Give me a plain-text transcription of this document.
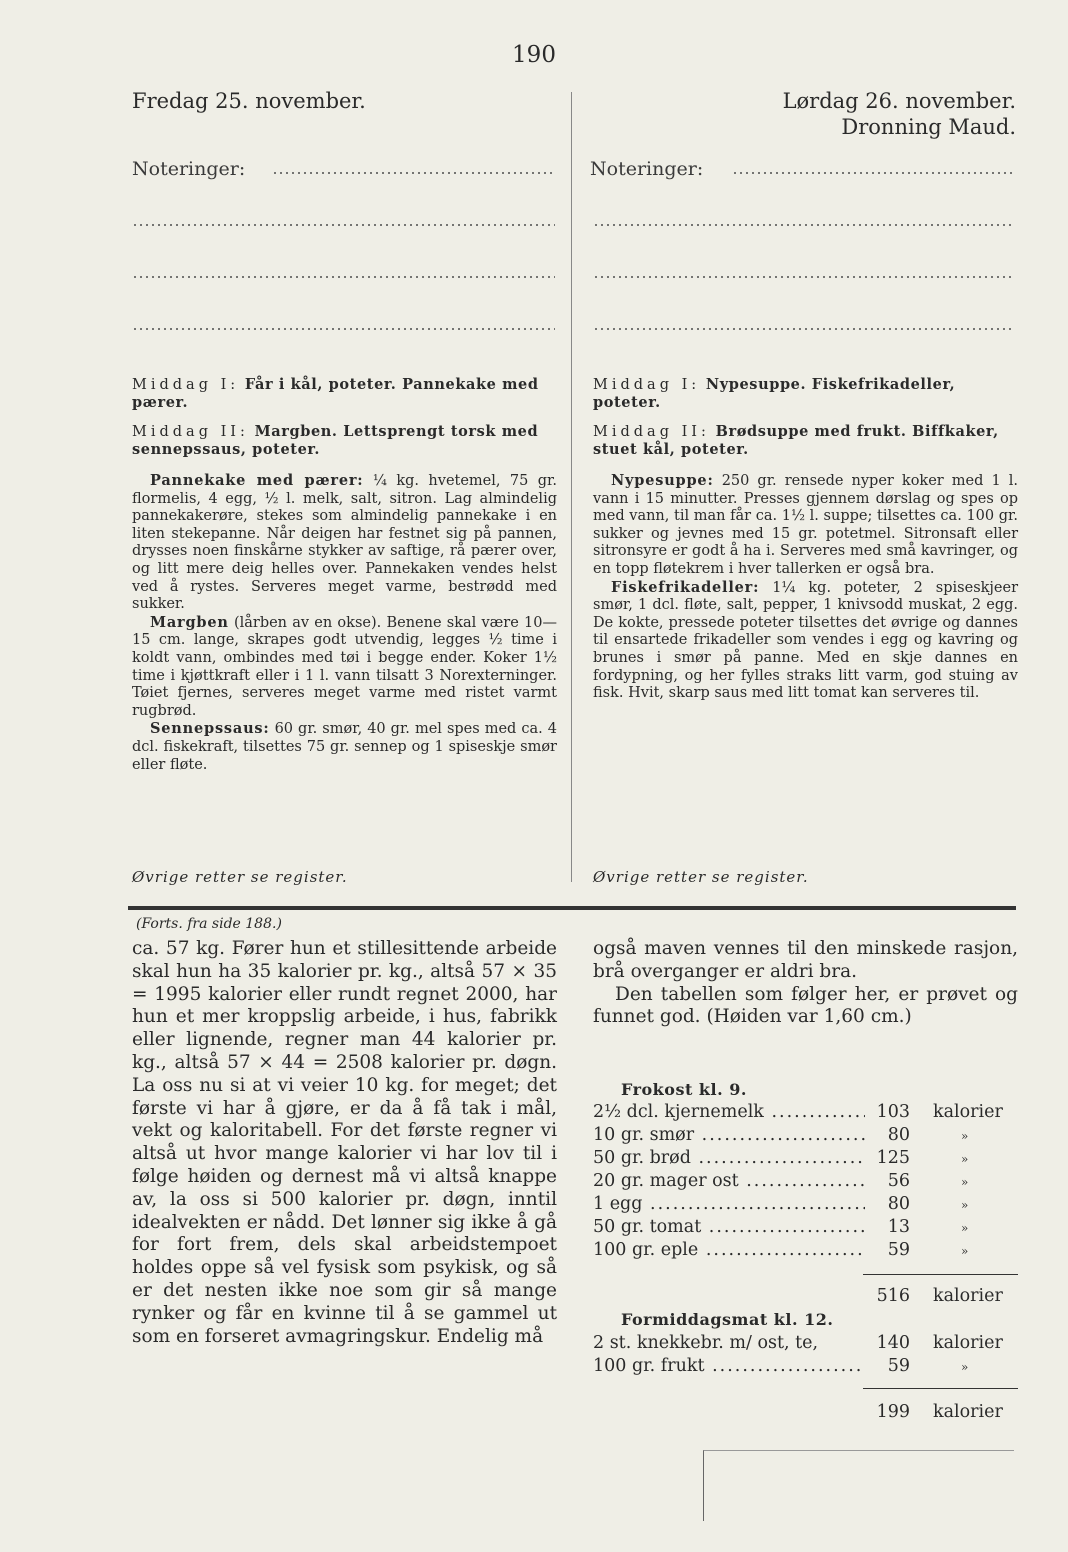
190
Fredag 25. november.	Lørdag 26. november.
Dronning Maud.
Noteringer:	Noteringer:

Middag I: Får i kål, poteter. Pannekake med pærer.

Middag II: Margben. Lettsprengt torsk med sennepssaus, poteter.

Pannekake med pærer: ¼ kg. hvetemel, 75 gr. flormelis, 4 egg, ½ l. melk, salt, sitron. Lag almindelig pannekakerøre, stekes som almindelig pannekake i en liten stekepanne. Når deigen har festnet sig på pannen, drysses noen finskårne stykker av saftige, rå pærer over, og litt mere deig helles over. Pannekaken vendes helst ved å rystes. Serveres meget varme, bestrødd med sukker.

Margben (lårben av en okse). Benene skal være 10—15 cm. lange, skrapes godt utvendig, legges ½ time i koldt vann, ombindes med tøi i begge ender. Koker 1½ time i kjøttkraft eller i 1 l. vann tilsatt 3 Norexterninger. Tøiet fjernes, serveres meget varme med ristet varmt rugbrød.

Sennepssaus: 60 gr. smør, 40 gr. mel spes med ca. 4 dcl. fiskekraft, tilsettes 75 gr. sennep og 1 spiseskje smør eller fløte.

Øvrige retter se register.

Middag I: Nypesuppe. Fiskefrikadeller, poteter.

Middag II: Brødsuppe med frukt. Biffkaker, stuet kål, poteter.

Nypesuppe: 250 gr. rensede nyper koker med 1 l. vann i 15 minutter. Presses gjennem dørslag og spes op med vann, til man får ca. 1½ l. suppe; tilsettes ca. 100 gr. sukker og jevnes med 15 gr. potetmel. Sitronsaft eller sitronsyre er godt å ha i. Serveres med små kavringer, og en topp fløtekrem i hver tallerken er også bra.

Fiskefrikadeller: 1¼ kg. poteter, 2 spiseskjeer smør, 1 dcl. fløte, salt, pepper, 1 knivsodd muskat, 2 egg. De kokte, pressede poteter tilsettes det øvrige og dannes til ensartede frikadeller som vendes i egg og kavring og brunes i smør på panne. Med en skje dannes en fordypning, og her fylles straks litt varm, god stuing av fisk. Hvit, skarp saus med litt tomat kan serveres til.

Øvrige retter se register.
(Forts. fra side 188.)

ca. 57 kg. Fører hun et stillesittende arbeide skal hun ha 35 kalorier pr. kg., altså 57 × 35 = 1995 kalorier eller rundt regnet 2000, har hun et mer kroppslig arbeide, i hus, fabrikk eller lignende, regner man 44 kalorier pr. kg., altså 57 × 44 = 2508 kalorier pr. døgn. La oss nu si at vi veier 10 kg. for meget; det første vi har å gjøre, er da å få tak i mål, vekt og kaloritabell. For det første regner vi altså ut hvor mange kalorier vi har lov til i følge høiden og dernest må vi altså knappe av, la oss si 500 kalorier pr. døgn, inntil idealvekten er nådd. Det lønner sig ikke å gå for fort frem, dels skal arbeidstempoet holdes oppe så vel fysisk som psykisk, og så er det nesten ikke noe som gir så mange rynker og får en kvinne til å se gammel ut som en forseret avmagringskur. Endelig må

også maven vennes til den minskede rasjon, brå overganger er aldri bra.

Den tabellen som følger her, er prøvet og funnet god. (Høiden var 1,60 cm.)

Frokost kl. 9.
2½ dcl. kjernemelk .....	103 kalorier
10 gr. smør .....	80	»
50 gr. brød .....	125	»
20 gr. mager ost .....	56	»
1 egg .....	80	»
50 gr. tomat .....	13	»
100 gr. eple .....	59	»
516 kalorier
Formiddagsmat kl. 12.
2 st. knekkebr. m/ ost, te,	140 kalorier
100 gr. frukt .....	59	»
199 kalorier
